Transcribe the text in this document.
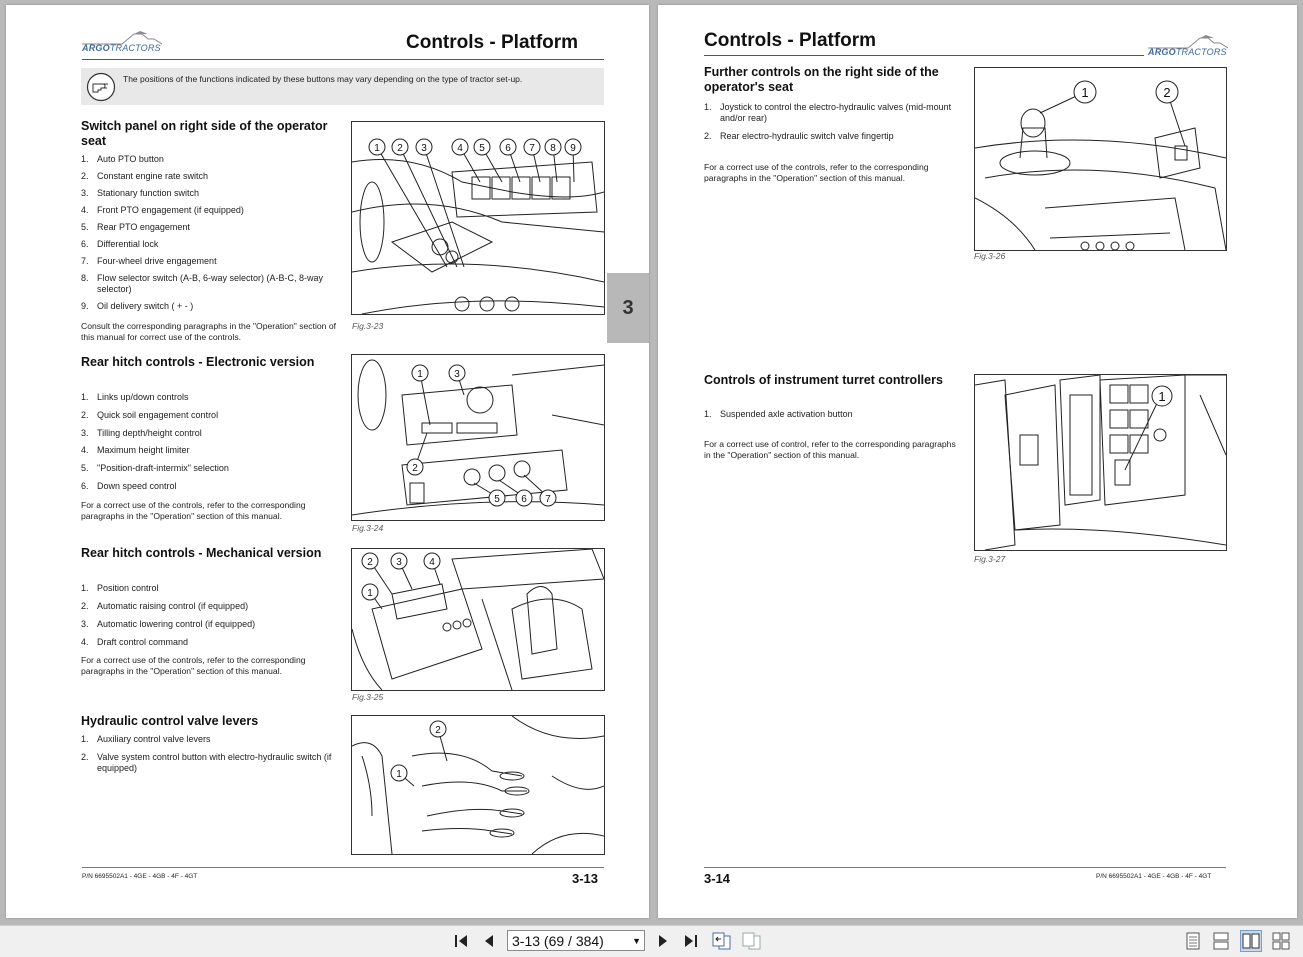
ARGOTRACTORS	Controls - Platform
The positions of the functions indicated by these buttons may vary depending on the type of tractor set-up.
Switch panel on right side of the operator seat
1. Auto PTO button
2. Constant engine rate switch
3. Stationary function switch
4. Front PTO engagement (if equipped)
5. Rear PTO engagement
6. Differential lock
7. Four-wheel drive engagement
8. Flow selector switch (A-B, 6-way selector) (A-B-C, 8-way selector)
9. Oil delivery switch ( + - )
Consult the corresponding paragraphs in the "Operation" section of this manual for correct use of the controls.
1 2 3	4 5 6 7 8 9
Fig.3-23
Rear hitch controls - Electronic version
1. Links up/down controls
2. Quick soil engagement control
3. Tilling depth/height control
4. Maximum height limiter
5. "Position-draft-intermix" selection
6. Down speed control
For a correct use of the controls, refer to the corresponding paragraphs in the "Operation" section of this manual.
1	3
2
5 6 7
Fig.3-24
Rear hitch controls - Mechanical version
1. Position control
2. Automatic raising control (if equipped)
3. Automatic lowering control (if equipped)
4. Draft control command
For a correct use of the controls, refer to the corresponding paragraphs in the "Operation" section of this manual.
2 3	4
1
Fig.3-25
Hydraulic control valve levers
1. Auxiliary control valve levers
2. Valve system control button with electro-hydraulic switch (if equipped)
2
1
P/N 6695502A1 - 4GE - 4GB - 4F - 4GT	3-13
3
Controls - Platform
ARGOTRACTORS
Further controls on the right side of the operator's seat
1. Joystick to control the electro-hydraulic valves (mid-mount and/or rear)
2. Rear electro-hydraulic switch valve fingertip
For a correct use of the controls, refer to the corresponding paragraphs in the "Operation" section of this manual.
1	2
Fig.3-26
Controls of instrument turret controllers
1. Suspended axle activation button
For a correct use of control, refer to the corresponding paragraphs in the "Operation" section of this manual.
1
Fig.3-27
3-14	P/N 6695502A1 - 4GE - 4GB - 4F - 4GT
3-13 (69 / 384)	▼
